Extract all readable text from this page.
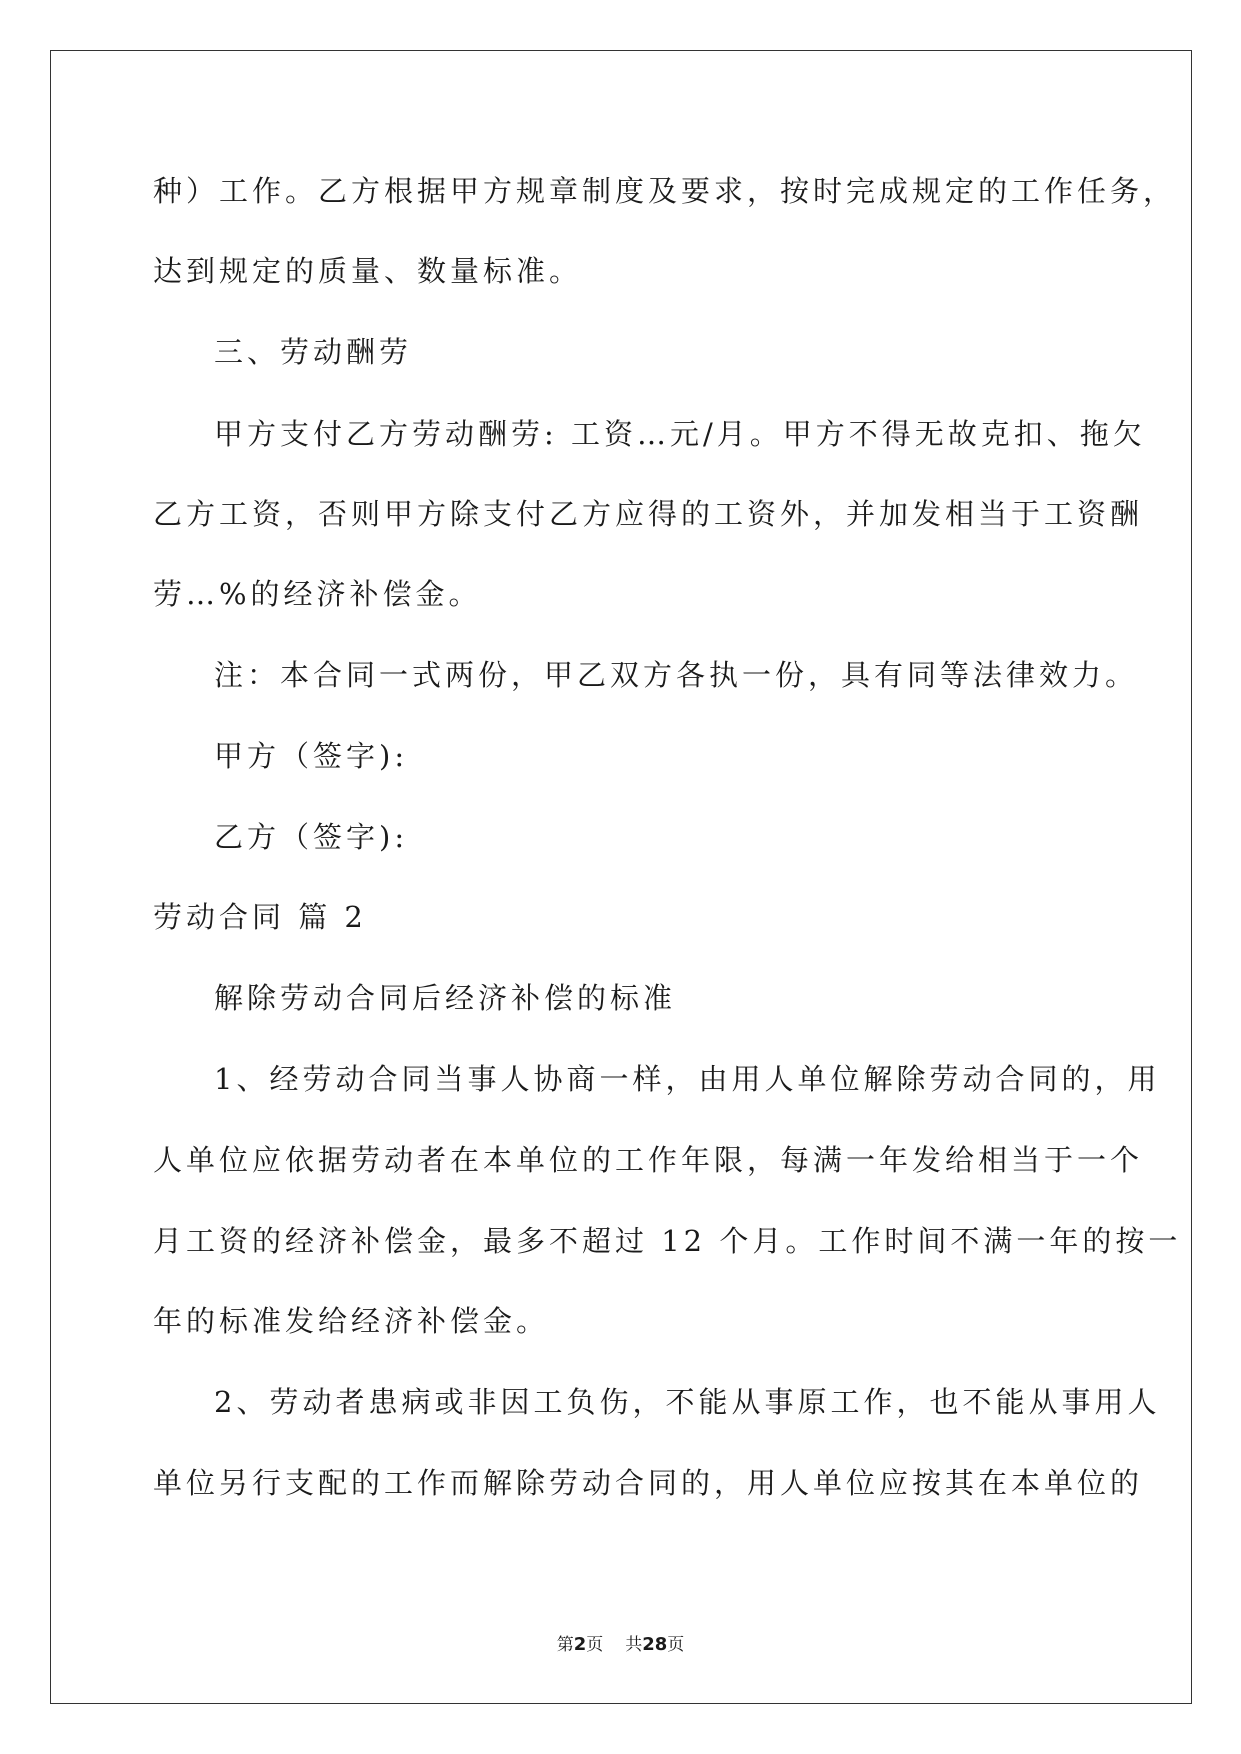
种）工作。乙方根据甲方规章制度及要求，按时完成规定的工作任务，
达到规定的质量、数量标准。
三、劳动酬劳
甲方支付乙方劳动酬劳: 工资…元/月。甲方不得无故克扣、拖欠
乙方工资，否则甲方除支付乙方应得的工资外，并加发相当于工资酬
劳…%的经济补偿金。
注：本合同一式两份，甲乙双方各执一份，具有同等法律效力。
甲方（签字):
乙方（签字):
劳动合同 篇 2
解除劳动合同后经济补偿的标准
1、经劳动合同当事人协商一样，由用人单位解除劳动合同的，用
人单位应依据劳动者在本单位的工作年限，每满一年发给相当于一个
月工资的经济补偿金，最多不超过 12 个月。工作时间不满一年的按一
年的标准发给经济补偿金。
2、劳动者患病或非因工负伤，不能从事原工作，也不能从事用人
单位另行支配的工作而解除劳动合同的，用人单位应按其在本单位的
第2页 共28页
